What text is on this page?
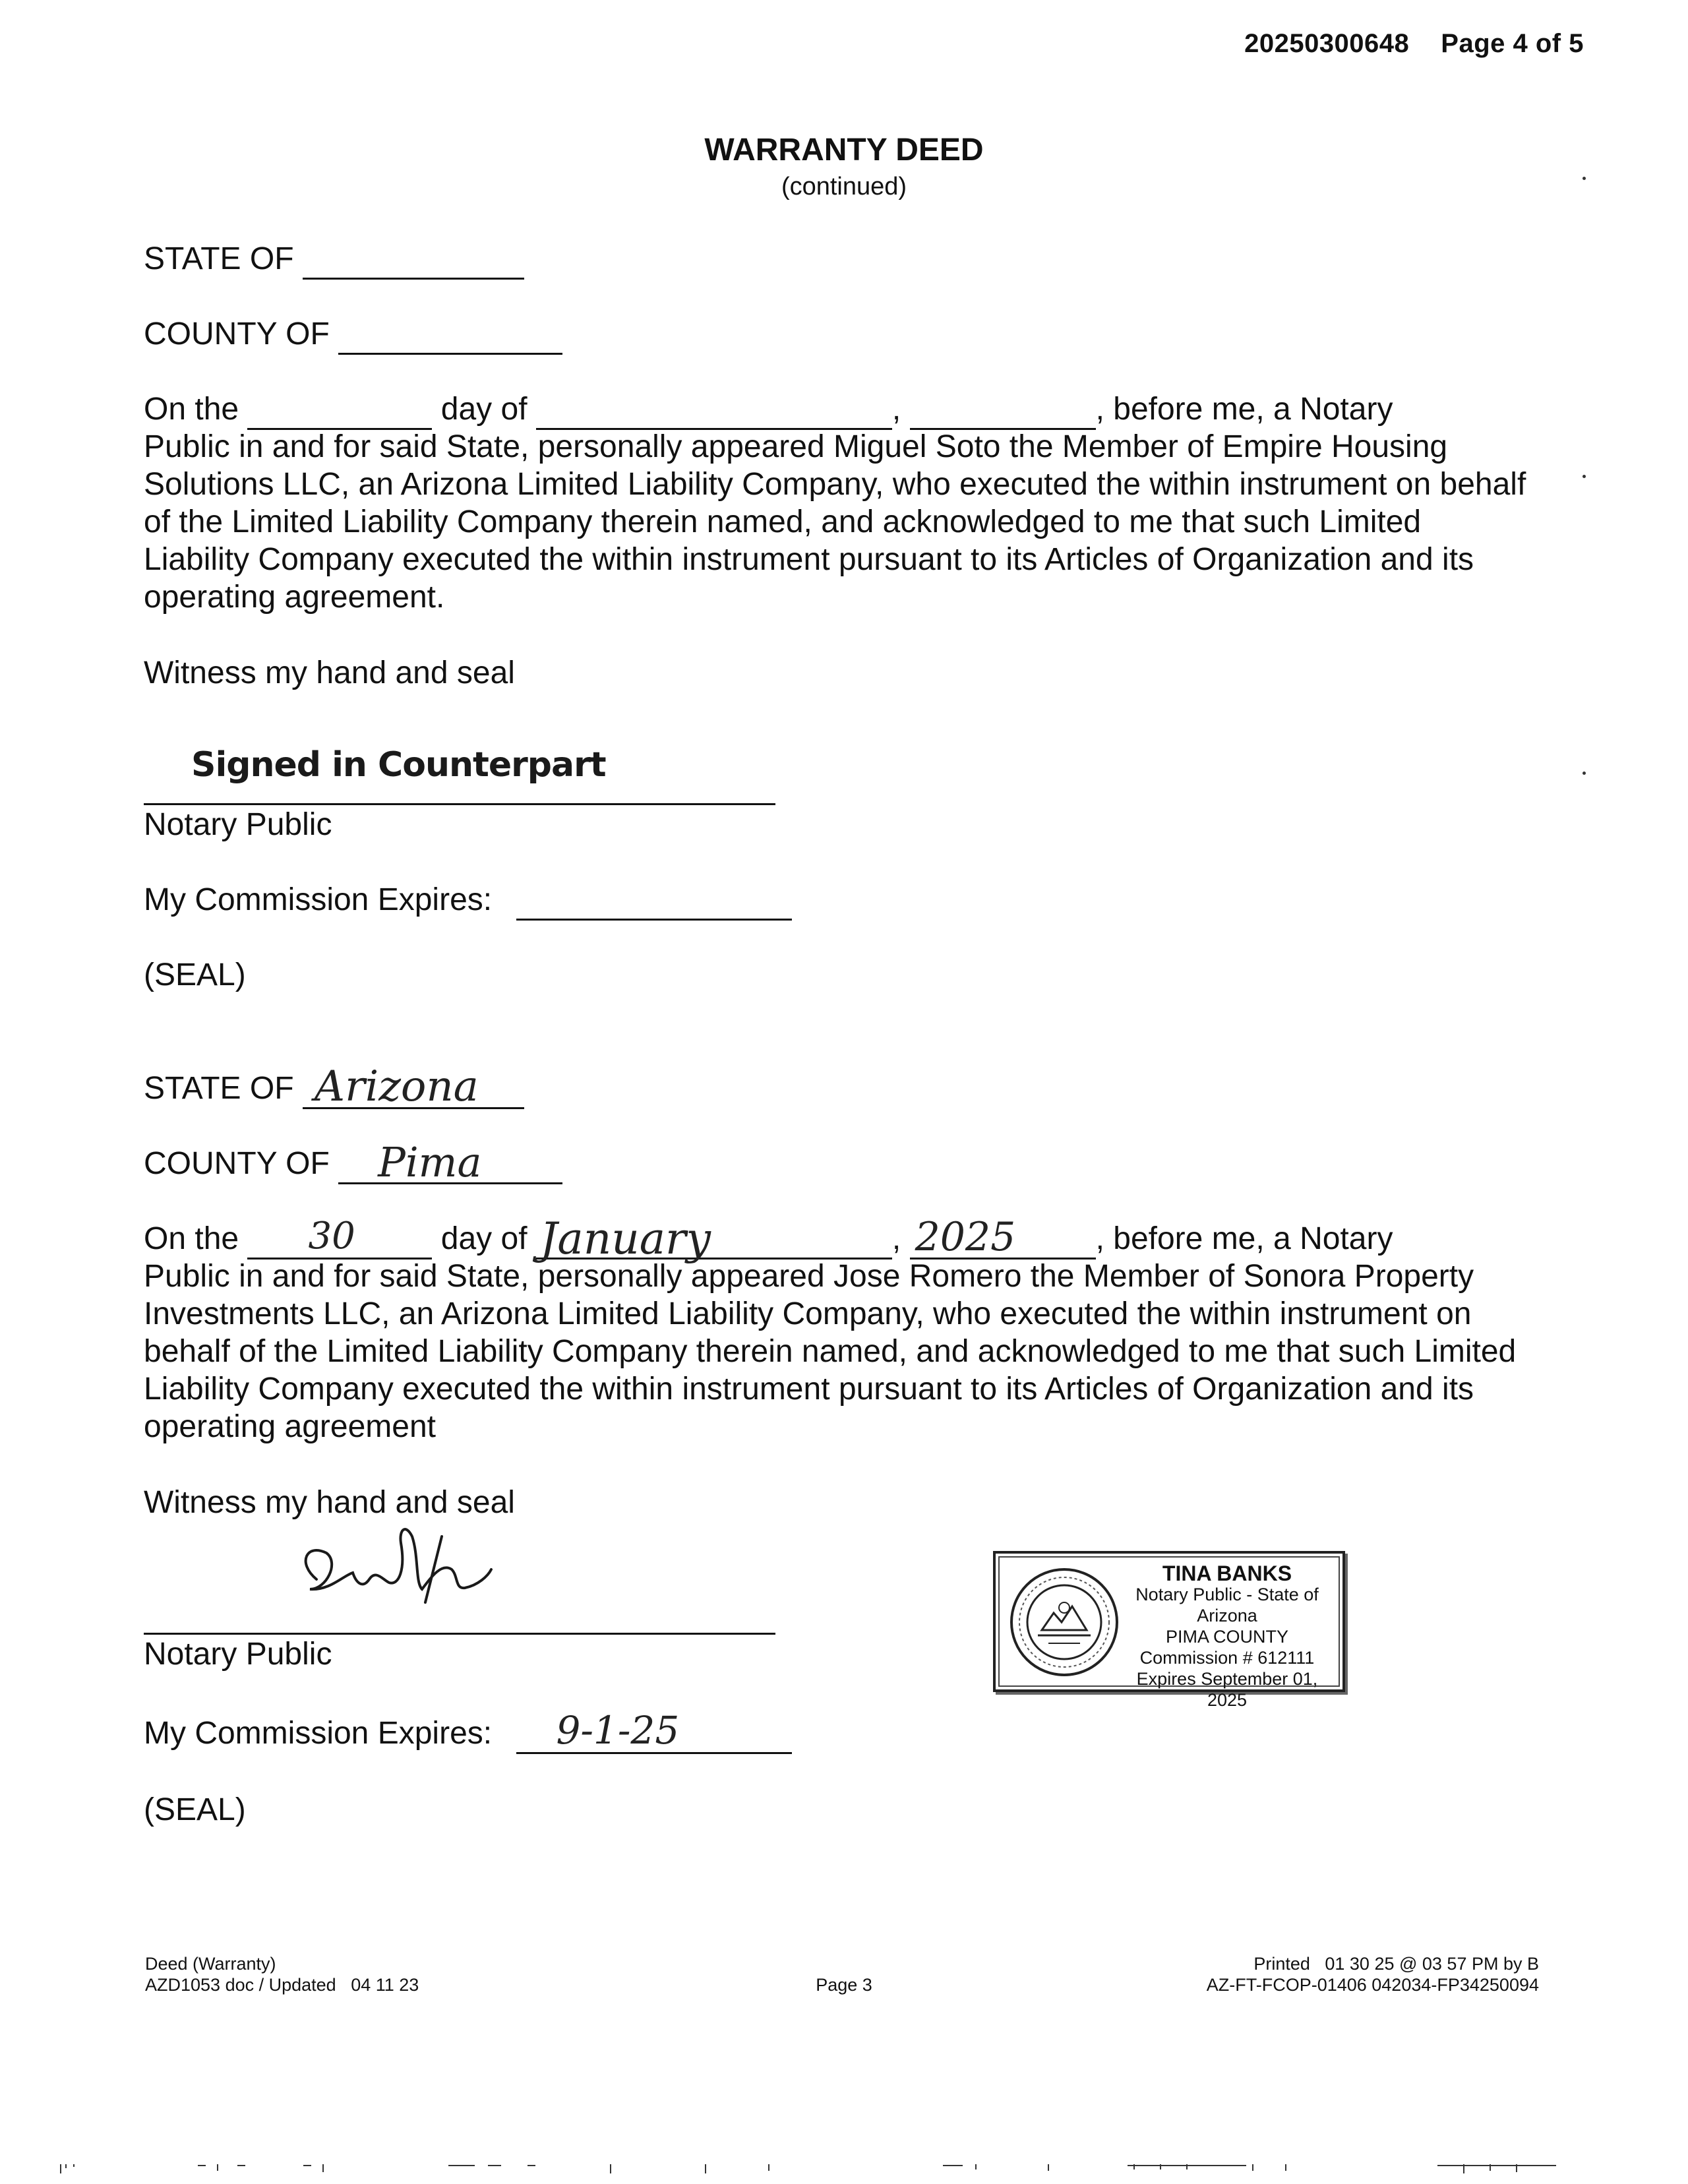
20250300648 Page 4 of 5
WARRANTY DEED
(continued)
STATE OF
COUNTY OF
On the	day of	,	, before me, a Notary
Public in and for said State, personally appeared Miguel Soto the Member of Empire Housing Solutions LLC, an Arizona Limited Liability Company, who executed the within instrument on behalf of the Limited Liability Company therein named, and acknowledged to me that such Limited Liability Company executed the within instrument pursuant to its Articles of Organization and its operating agreement.
Witness my hand and seal
Signed in Counterpart
Notary Public
My Commission Expires:
(SEAL)
STATE OF Arizona
COUNTY OF Pima
On the 30	day of January	, 2025	, before me, a Notary
Public in and for said State, personally appeared Jose Romero the Member of Sonora Property Investments LLC, an Arizona Limited Liability Company, who executed the within instrument on behalf of the Limited Liability Company therein named, and acknowledged to me that such Limited Liability Company executed the within instrument pursuant to its Articles of Organization and its operating agreement
Witness my hand and seal
Notary Public
My Commission Expires: 9-1-25
(SEAL)
TINA BANKS
Notary Public - State of Arizona
PIMA COUNTY
Commission # 612111
Expires September 01, 2025
Deed (Warranty)
AZD1053 doc / Updated   04 11 23	Page 3
Printed   01 30 25 @ 03 57 PM by B
AZ-FT-FCOP-01406 042034-FP34250094
